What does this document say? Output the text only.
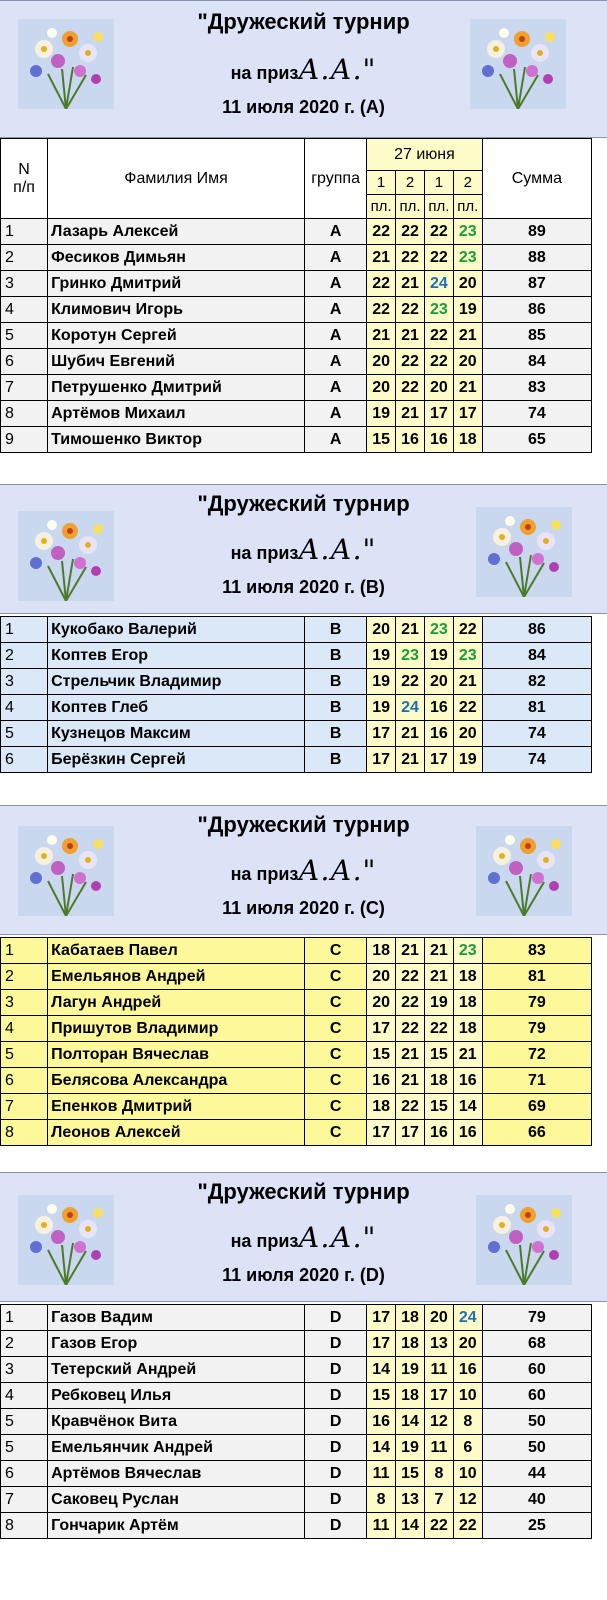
"Дружеский турнир
на призА.А."
11 июля 2020 г. (A)
N
п/п	Фамилия Имя	группа	27 июня				Сумма
			1	2	1	2	
			пл.	пл.	пл.	пл.	
1	Лазарь Алексей	A	22	22	22	23	89
2	Фесиков Димьян	A	21	22	22	23	88
3	Гринко Дмитрий	A	22	21	24	20	87
4	Климович Игорь	A	22	22	23	19	86
5	Коротун Сергей	A	21	21	22	21	85
6	Шубич Евгений	A	20	22	22	20	84
7	Петрушенко Дмитрий	A	20	22	20	21	83
8	Артёмов Михаил	A	19	21	17	17	74
9	Тимошенко Виктор	A	15	16	16	18	65
"Дружеский турнир
на призА.А."
11 июля 2020 г. (B)
1	Кукобако Валерий	B	20	21	23	22	86
2	Коптев Егор	B	19	23	19	23	84
3	Стрельчик Владимир	B	19	22	20	21	82
4	Коптев Глеб	B	19	24	16	22	81
5	Кузнецов Максим	B	17	21	16	20	74
6	Берёзкин Сергей	B	17	21	17	19	74
"Дружеский турнир
на призА.А."
11 июля 2020 г. (C)
1	Кабатаев Павел	C	18	21	21	23	83
2	Емельянов Андрей	C	20	22	21	18	81
3	Лагун Андрей	C	20	22	19	18	79
4	Пришутов Владимир	C	17	22	22	18	79
5	Полторан Вячеслав	C	15	21	15	21	72
6	Белясова Александра	C	16	21	18	16	71
7	Епенков Дмитрий	C	18	22	15	14	69
8	Леонов Алексей	C	17	17	16	16	66
"Дружеский турнир
на призА.А."
11 июля 2020 г. (D)
1	Газов Вадим	D	17	18	20	24	79
2	Газов Егор	D	17	18	13	20	68
3	Тетерский Андрей	D	14	19	11	16	60
4	Ребковец Илья	D	15	18	17	10	60
5	Кравчёнок Вита	D	16	14	12	8	50
5	Емельянчик Андрей	D	14	19	11	6	50
6	Артёмов Вячеслав	D	11	15	8	10	44
7	Саковец Руслан	D	8	13	7	12	40
8	Гончарик Артём	D	11	14	22	22	25
